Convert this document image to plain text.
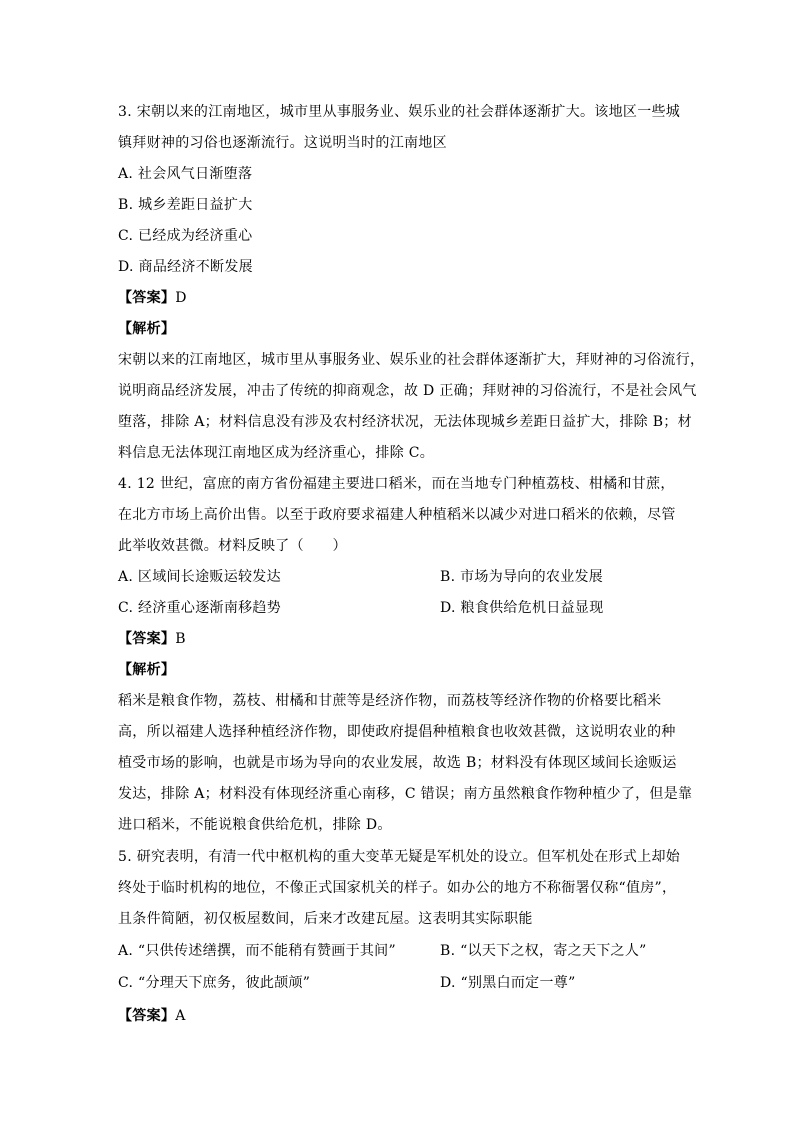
3. 宋朝以来的江南地区，城市里从事服务业、娱乐业的社会群体逐渐扩大。该地区一些城
镇拜财神的习俗也逐渐流行。这说明当时的江南地区
A. 社会风气日渐堕落
B. 城乡差距日益扩大
C. 已经成为经济重心
D. 商品经济不断发展
【答案】D
【解析】
宋朝以来的江南地区，城市里从事服务业、娱乐业的社会群体逐渐扩大，拜财神的习俗流行，
说明商品经济发展，冲击了传统的抑商观念，故 D 正确；拜财神的习俗流行，不是社会风气
堕落，排除 A；材料信息没有涉及农村经济状况，无法体现城乡差距日益扩大，排除 B；材
料信息无法体现江南地区成为经济重心，排除 C。
4. 12 世纪，富庶的南方省份福建主要进口稻米，而在当地专门种植荔枝、柑橘和甘蔗，
在北方市场上高价出售。以至于政府要求福建人种植稻米以减少对进口稻米的依赖，尽管
此举收效甚微。材料反映了（　　）
A. 区域间长途贩运较发达	B. 市场为导向的农业发展
C. 经济重心逐渐南移趋势	D. 粮食供给危机日益显现
【答案】B
【解析】
稻米是粮食作物，荔枝、柑橘和甘蔗等是经济作物，而荔枝等经济作物的价格要比稻米
高，所以福建人选择种植经济作物，即使政府提倡种植粮食也收效甚微，这说明农业的种
植受市场的影响，也就是市场为导向的农业发展，故选 B；材料没有体现区域间长途贩运
发达，排除 A；材料没有体现经济重心南移，C 错误；南方虽然粮食作物种植少了，但是靠
进口稻米，不能说粮食供给危机，排除 D。
5. 研究表明，有清一代中枢机构的重大变革无疑是军机处的设立。但军机处在形式上却始
终处于临时机构的地位，不像正式国家机关的样子。如办公的地方不称衙署仅称“值房”，
且条件简陋，初仅板屋数间，后来才改建瓦屋。这表明其实际职能
A. “只供传述缮撰，而不能稍有赞画于其间”	B. “以天下之权，寄之天下之人”
C. “分理天下庶务，彼此颉颃”	D. “别黑白而定一尊”
【答案】A
